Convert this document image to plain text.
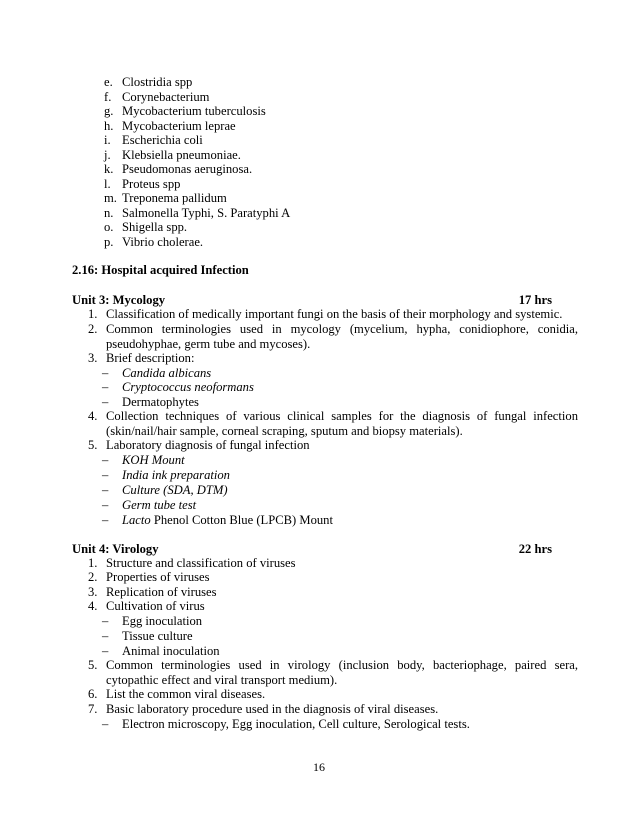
e. Clostridia spp
f. Corynebacterium
g. Mycobacterium tuberculosis
h. Mycobacterium leprae
i. Escherichia coli
j. Klebsiella pneumoniae.
k. Pseudomonas aeruginosa.
l. Proteus spp
m. Treponema pallidum
n. Salmonella Typhi, S. Paratyphi A
o. Shigella spp.
p. Vibrio cholerae.
2.16: Hospital acquired Infection
Unit 3: Mycology	17 hrs
1. Classification of medically important fungi on the basis of their morphology and systemic.
2. Common terminologies used in mycology (mycelium, hypha, conidiophore, conidia,
pseudohyphae, germ tube and mycoses).
3. Brief description:
– Candida albicans
– Cryptococcus neoformans
– Dermatophytes
4. Collection techniques of various clinical samples for the diagnosis of fungal infection
(skin/nail/hair sample, corneal scraping, sputum and biopsy materials).
5. Laboratory diagnosis of fungal infection
– KOH Mount
– India ink preparation
– Culture (SDA, DTM)
– Germ tube test
– Lacto Phenol Cotton Blue (LPCB) Mount
Unit 4: Virology	22 hrs
1. Structure and classification of viruses
2. Properties of viruses
3. Replication of viruses
4. Cultivation of virus
– Egg inoculation
– Tissue culture
– Animal inoculation
5. Common terminologies used in virology (inclusion body, bacteriophage, paired sera,
cytopathic effect and viral transport medium).
6. List the common viral diseases.
7. Basic laboratory procedure used in the diagnosis of viral diseases.
– Electron microscopy, Egg inoculation, Cell culture, Serological tests.
16
